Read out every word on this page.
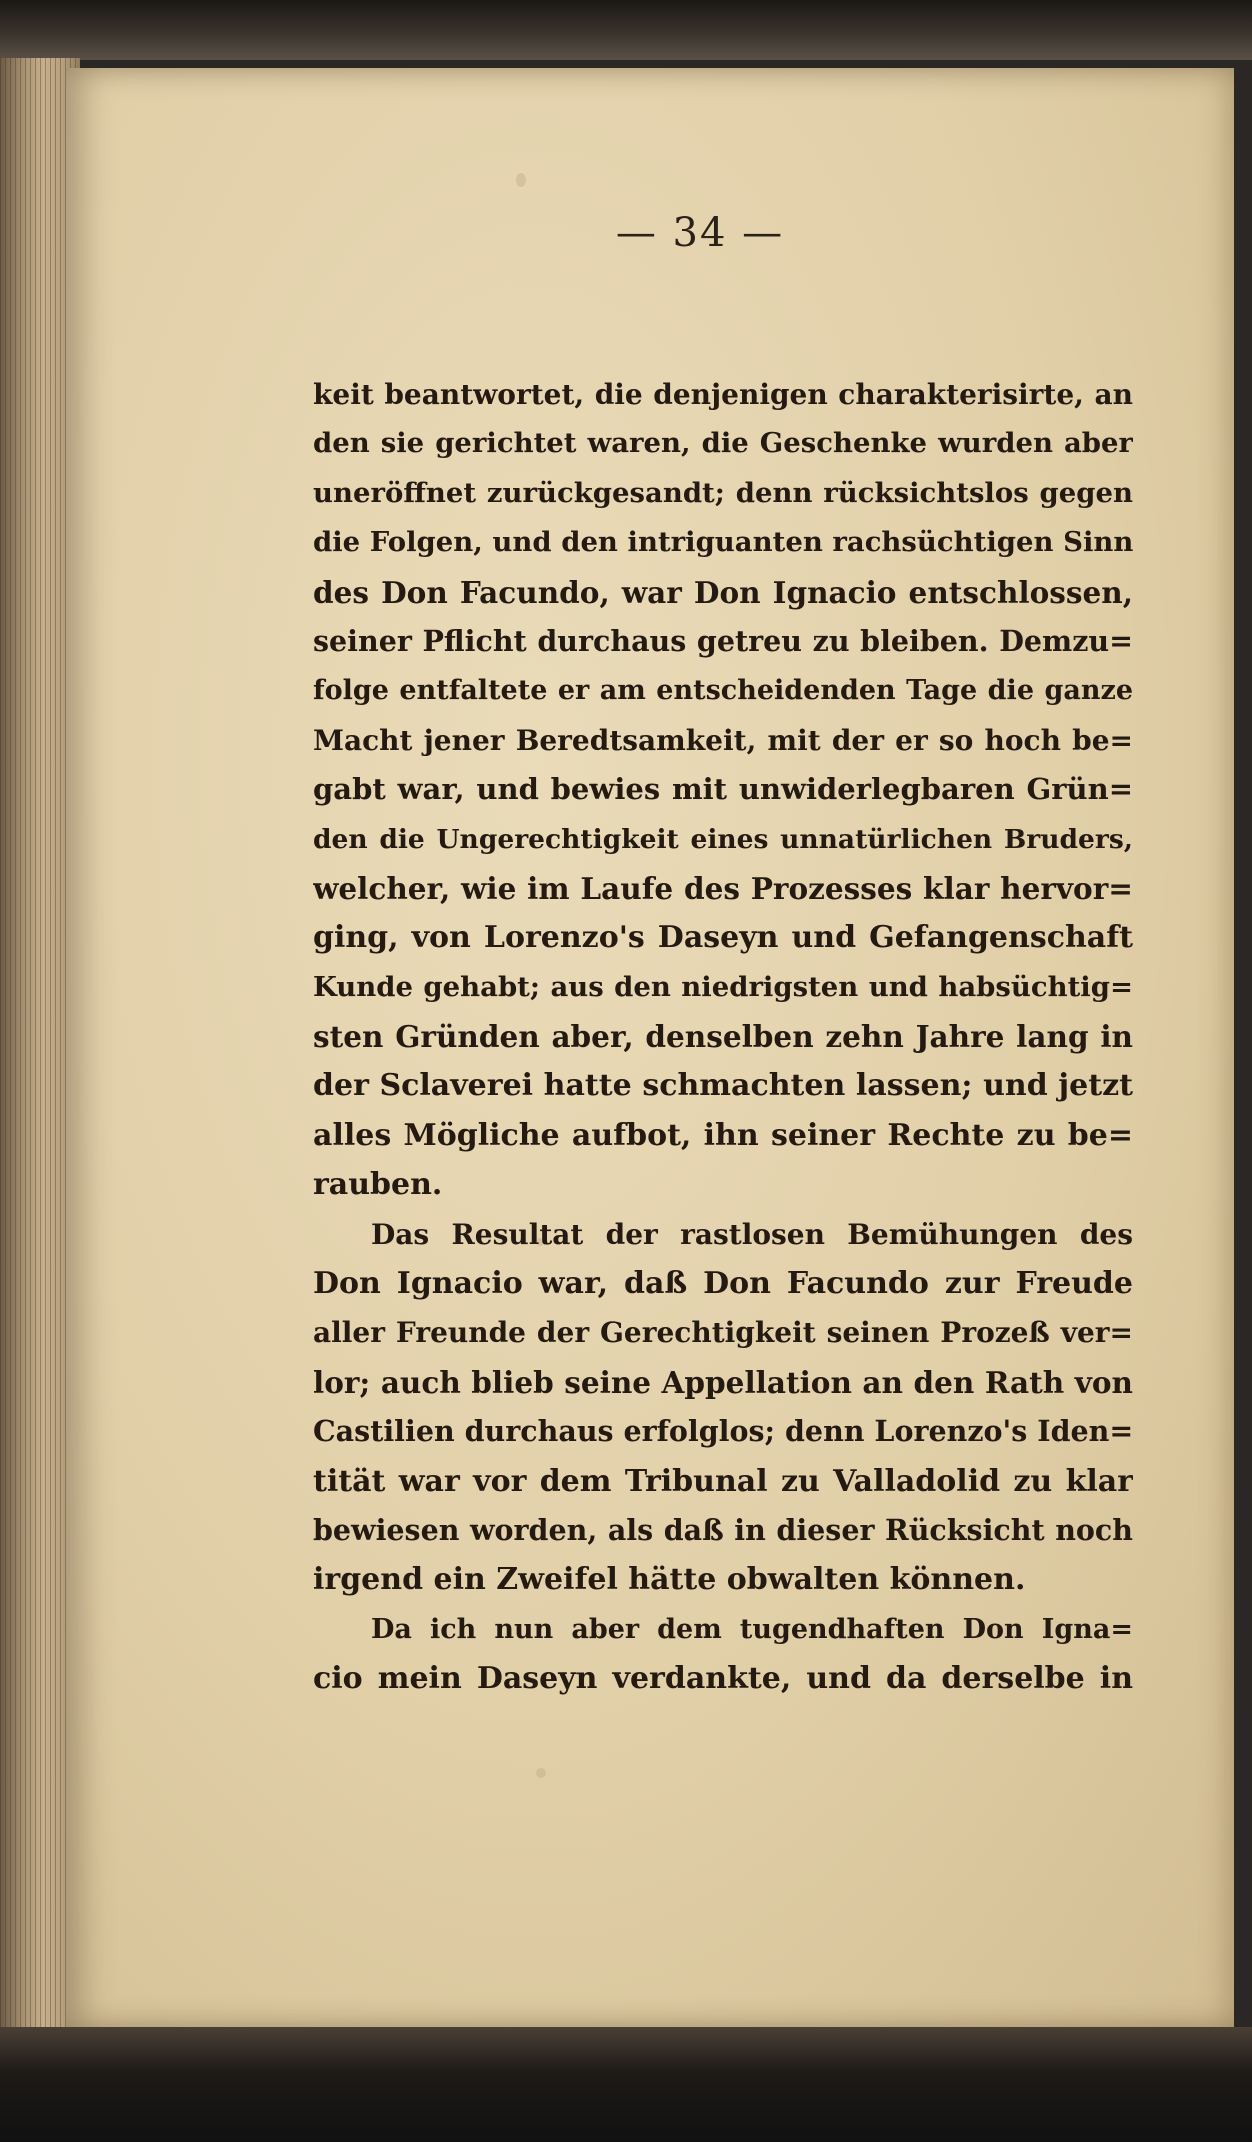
— 34 —
keit beantwortet, die denjenigen charakterisirte, an
den sie gerichtet waren, die Geschenke wurden aber
uneröffnet zurückgesandt; denn rücksichtslos gegen
die Folgen, und den intriguanten rachsüchtigen Sinn
des Don Facundo, war Don Ignacio entschlossen,
seiner Pflicht durchaus getreu zu bleiben. Demzu=
folge entfaltete er am entscheidenden Tage die ganze
Macht jener Beredtsamkeit, mit der er so hoch be=
gabt war, und bewies mit unwiderlegbaren Grün=
den die Ungerechtigkeit eines unnatürlichen Bruders,
welcher, wie im Laufe des Prozesses klar hervor=
ging, von Lorenzo's Daseyn und Gefangenschaft
Kunde gehabt; aus den niedrigsten und habsüchtig=
sten Gründen aber, denselben zehn Jahre lang in
der Sclaverei hatte schmachten lassen; und jetzt
alles Mögliche aufbot, ihn seiner Rechte zu be=
rauben.
Das Resultat der rastlosen Bemühungen des
Don Ignacio war, daß Don Facundo zur Freude
aller Freunde der Gerechtigkeit seinen Prozeß ver=
lor; auch blieb seine Appellation an den Rath von
Castilien durchaus erfolglos; denn Lorenzo's Iden=
tität war vor dem Tribunal zu Valladolid zu klar
bewiesen worden, als daß in dieser Rücksicht noch
irgend ein Zweifel hätte obwalten können.
Da ich nun aber dem tugendhaften Don Igna=
cio mein Daseyn verdankte, und da derselbe in
